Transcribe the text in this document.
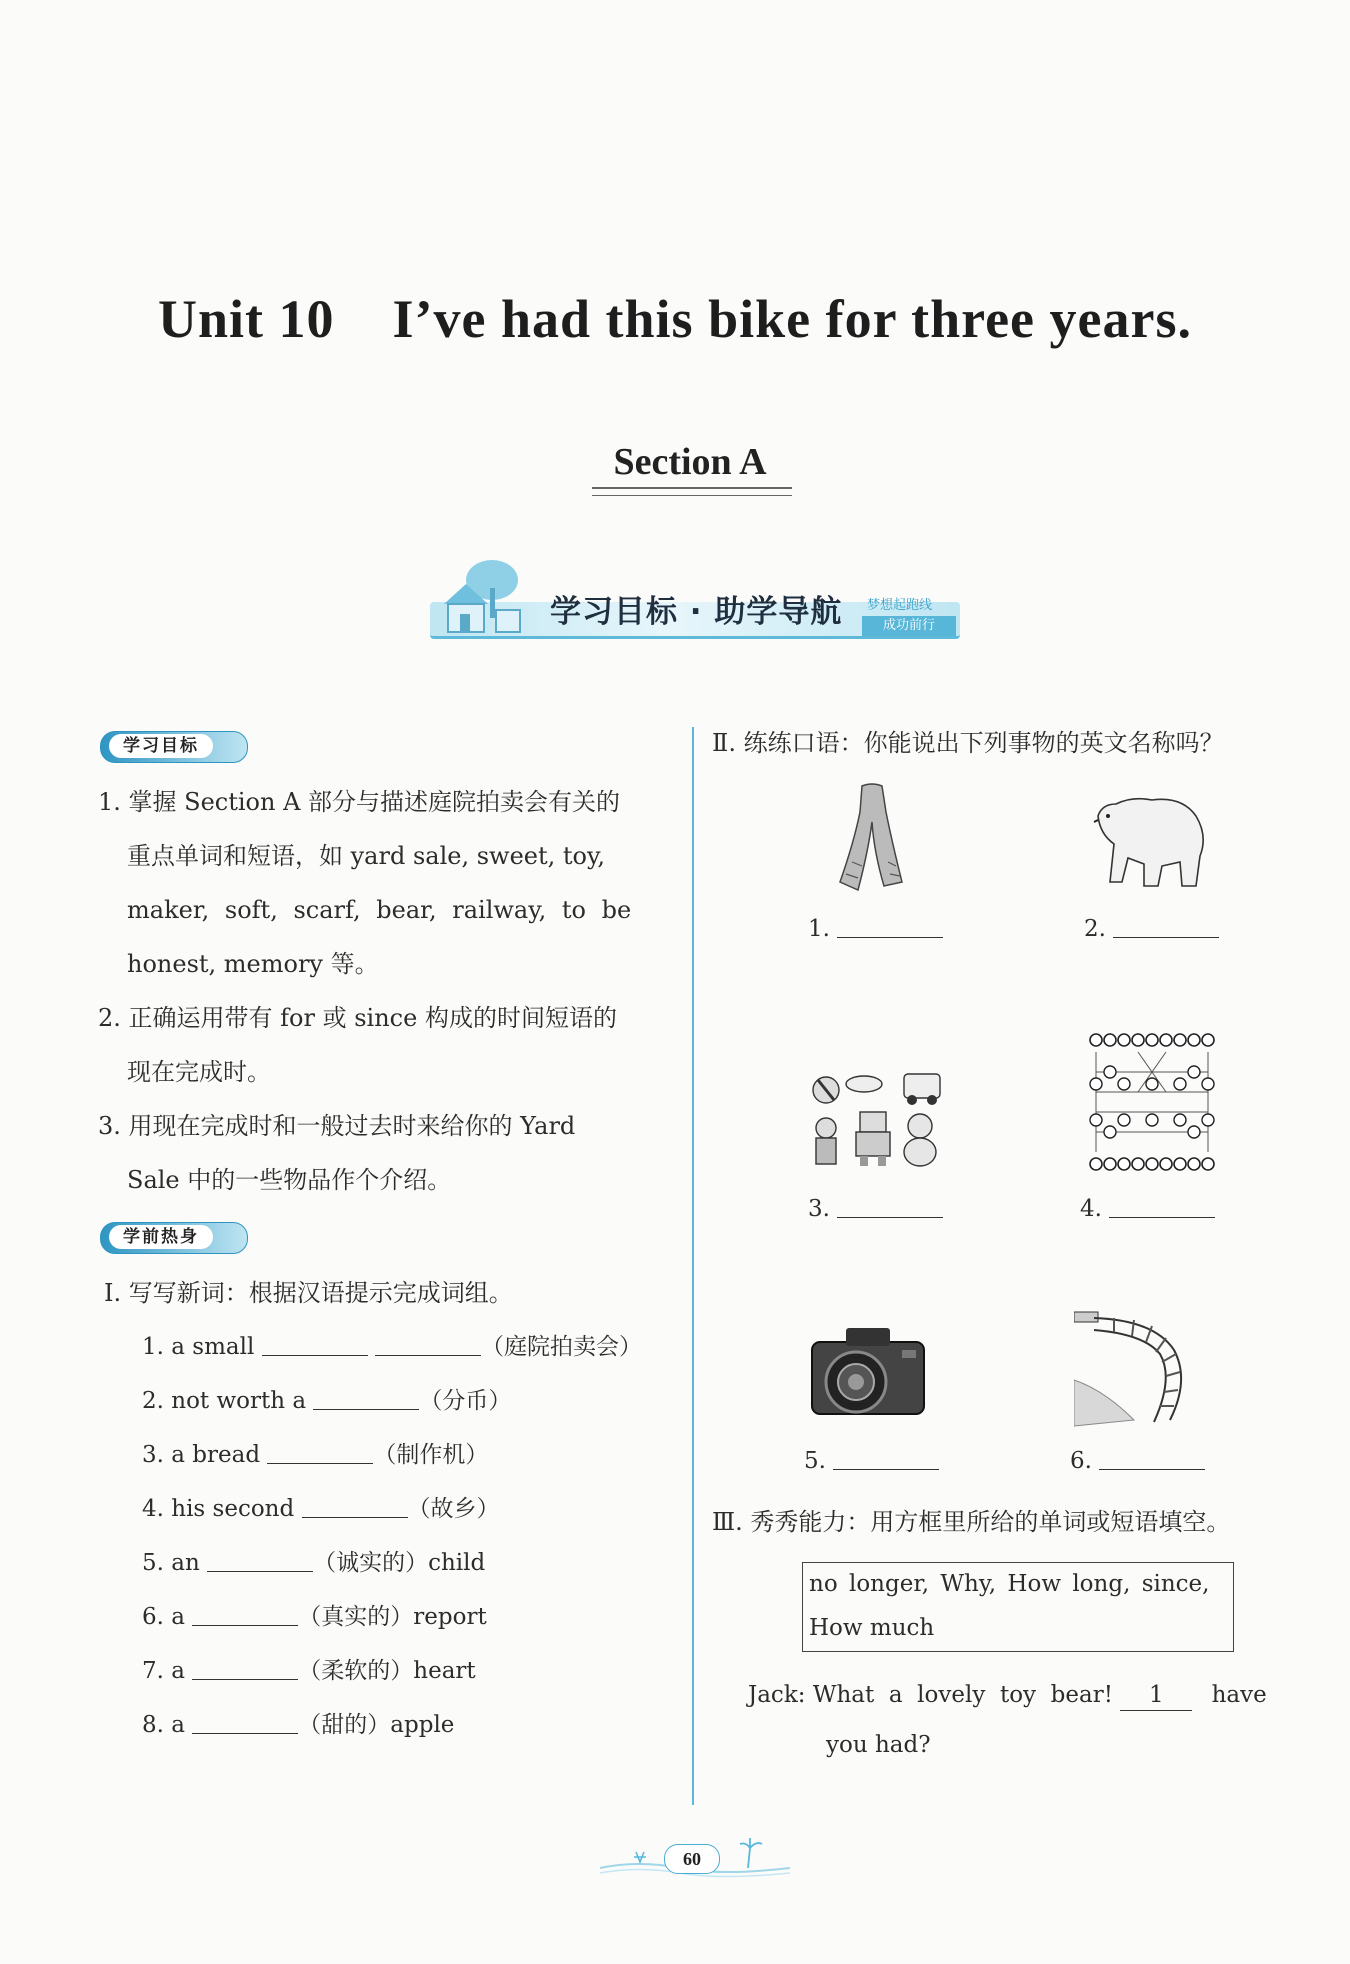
Unit 10    I’ve had this bike for three years.
Section A
学习目标 · 助学导航 梦想起跑线
成功前行
学习目标
1. 掌握 Section A 部分与描述庭院拍卖会有关的
重点单词和短语，如 yard sale, sweet, toy,
maker, soft, scarf, bear, railway, to be
honest, memory 等。
2. 正确运用带有 for 或 since 构成的时间短语的
现在完成时。
3. 用现在完成时和一般过去时来给你的 Yard
Sale 中的一些物品作个介绍。
学前热身
Ⅰ. 写写新词：根据汉语提示完成词组。
1. a small	（庭院拍卖会）
2. not worth a	（分币）
3. a bread	（制作机）
4. his second	（故乡）
5. an	（诚实的）child
6. a	（真实的）report
7. a	（柔软的）heart
8. a	（甜的）apple
Ⅱ. 练练口语：你能说出下列事物的英文名称吗？
1.	2.
3.	4.
5.	6.
Ⅲ. 秀秀能力：用方框里所给的单词或短语填空。
no longer, Why, How long, since,
How much
Jack: What  a  lovely  toy  bear! 1 have
you had?
60
